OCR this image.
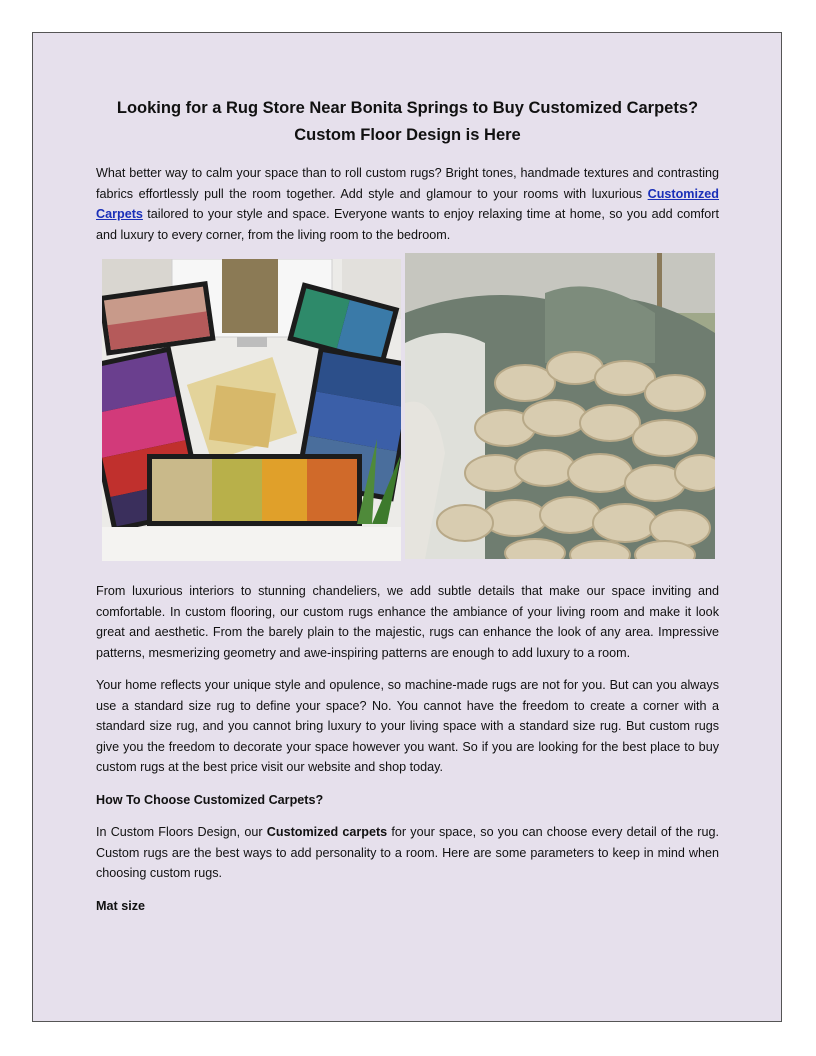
Looking for a Rug Store Near Bonita Springs to Buy Customized Carpets? Custom Floor Design is Here

What better way to calm your space than to roll custom rugs? Bright tones, handmade textures and contrasting fabrics effortlessly pull the room together. Add style and glamour to your rooms with luxurious Customized Carpets tailored to your style and space. Everyone wants to enjoy relaxing time at home, so you add comfort and luxury to every corner, from the living room to the bedroom.

From luxurious interiors to stunning chandeliers, we add subtle details that make our space inviting and comfortable. In custom flooring, our custom rugs enhance the ambiance of your living room and make it look great and aesthetic. From the barely plain to the majestic, rugs can enhance the look of any area. Impressive patterns, mesmerizing geometry and awe-inspiring patterns are enough to add luxury to a room.

Your home reflects your unique style and opulence, so machine-made rugs are not for you. But can you always use a standard size rug to define your space? No. You cannot have the freedom to create a corner with a standard size rug, and you cannot bring luxury to your living space with a standard size rug. But custom rugs give you the freedom to decorate your space however you want. So if you are looking for the best place to buy custom rugs at the best price visit our website and shop today.

How To Choose Customized Carpets?

In Custom Floors Design, our Customized carpets for your space, so you can choose every detail of the rug. Custom rugs are the best ways to add personality to a room. Here are some parameters to keep in mind when choosing custom rugs.

Mat size
